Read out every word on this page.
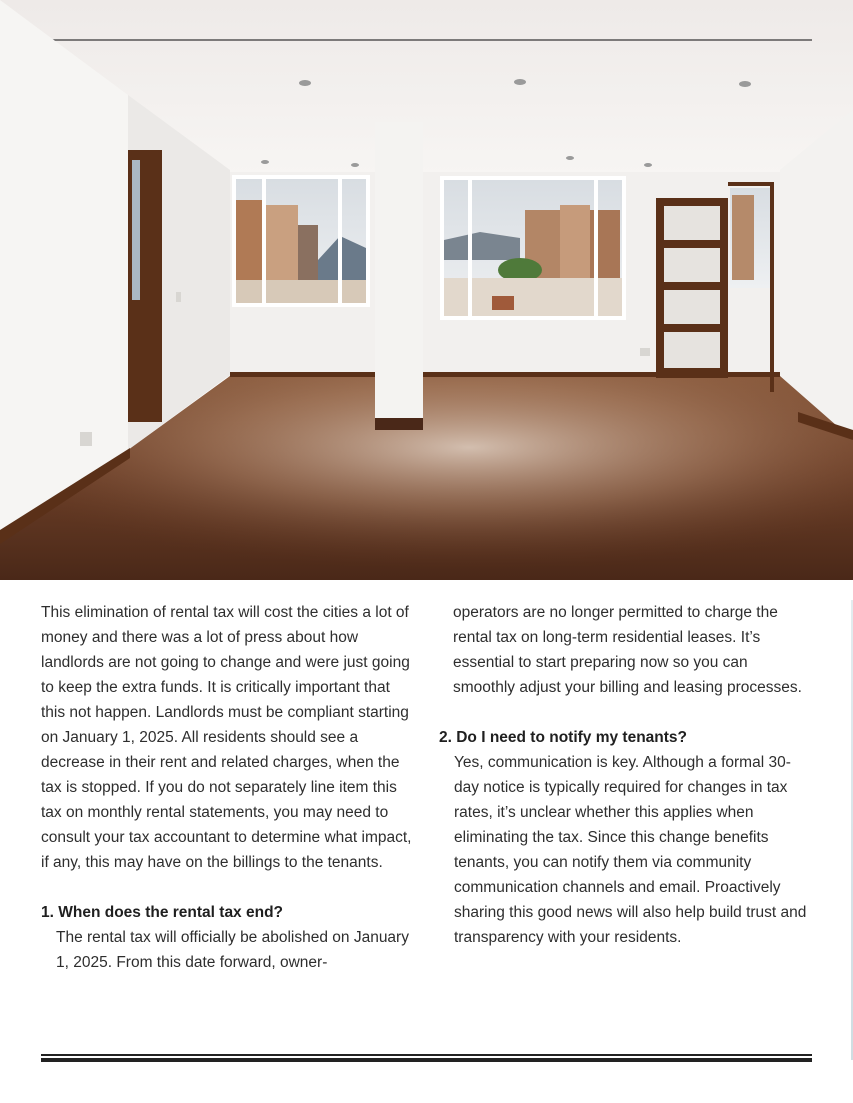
This elimination of rental tax will cost the cities a lot of money and there was a lot of press about how landlords are not going to change and were just going to keep the extra funds. It is critically important that this not happen. Landlords must be compliant starting on January 1, 2025. All residents should see a decrease in their rent and related charges, when the tax is stopped. If you do not separately line item this tax on monthly rental statements, you may need to consult your tax accountant to determine what impact, if any, this may have on the billings to the tenants.

1. When does the rental tax end?

The rental tax will officially be abolished on January 1, 2025. From this date forward, owner-

operators are no longer permitted to charge the rental tax on long-term residential leases. It’s essential to start preparing now so you can smoothly adjust your billing and leasing processes.

2. Do I need to notify my tenants?

Yes, communication is key. Although a formal 30-day notice is typically required for changes in tax rates, it’s unclear whether this applies when eliminating the tax. Since this change benefits tenants, you can notify them via community communication channels and email. Proactively sharing this good news will also help build trust and transparency with your residents.
